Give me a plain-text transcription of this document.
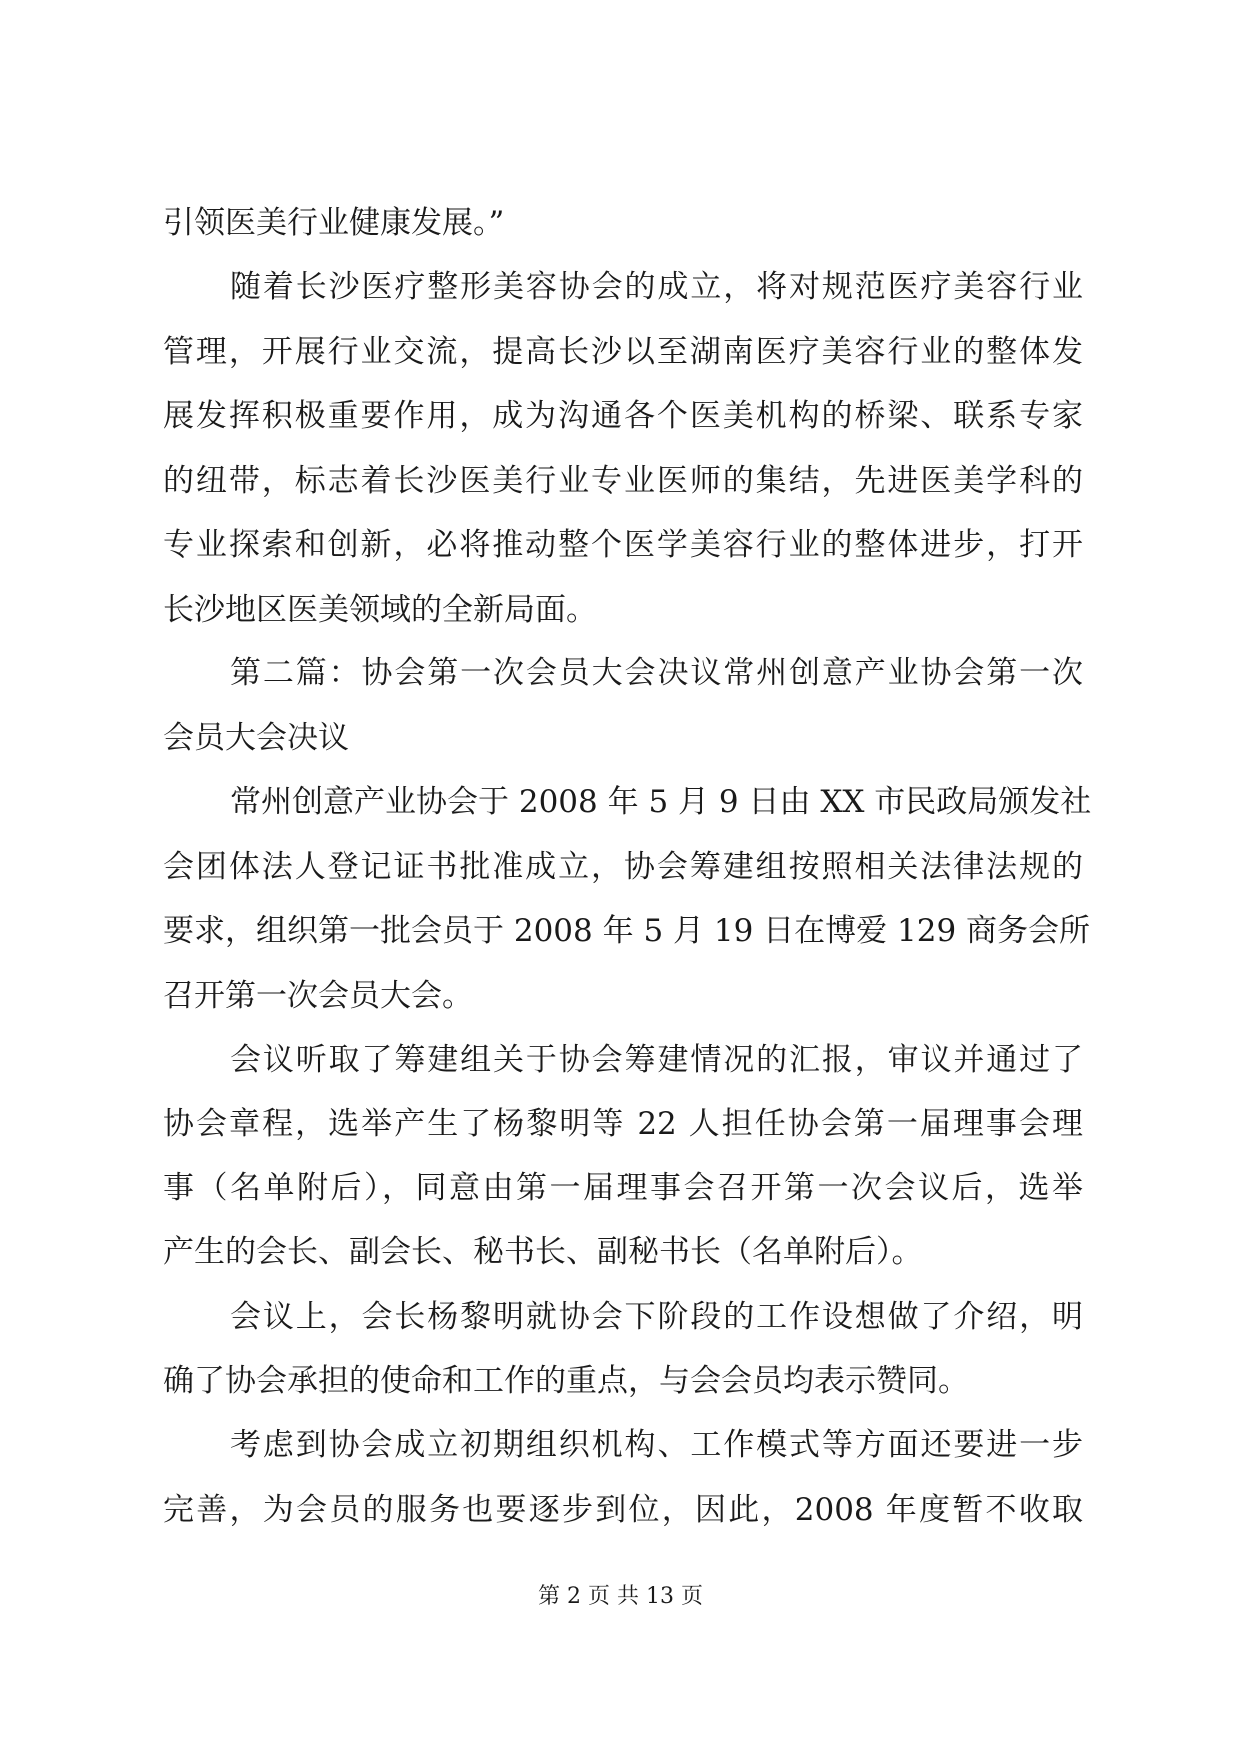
引领医美行业健康发展。”
随着长沙医疗整形美容协会的成立，将对规范医疗美容行业
管理，开展行业交流，提高长沙以至湖南医疗美容行业的整体发
展发挥积极重要作用，成为沟通各个医美机构的桥梁、联系专家
的纽带，标志着长沙医美行业专业医师的集结，先进医美学科的
专业探索和创新，必将推动整个医学美容行业的整体进步，打开
长沙地区医美领域的全新局面。
第二篇：协会第一次会员大会决议常州创意产业协会第一次
会员大会决议
常州创意产业协会于 2008 年 5 月 9 日由 XX 市民政局颁发社
会团体法人登记证书批准成立，协会筹建组按照相关法律法规的
要求，组织第一批会员于 2008 年 5 月 19 日在博爱 129 商务会所
召开第一次会员大会。
会议听取了筹建组关于协会筹建情况的汇报，审议并通过了
协会章程，选举产生了杨黎明等 22 人担任协会第一届理事会理
事（名单附后），同意由第一届理事会召开第一次会议后，选举
产生的会长、副会长、秘书长、副秘书长（名单附后）。
会议上，会长杨黎明就协会下阶段的工作设想做了介绍，明
确了协会承担的使命和工作的重点，与会会员均表示赞同。
考虑到协会成立初期组织机构、工作模式等方面还要进一步
完善，为会员的服务也要逐步到位，因此，2008 年度暂不收取
第 2 页 共 13 页
